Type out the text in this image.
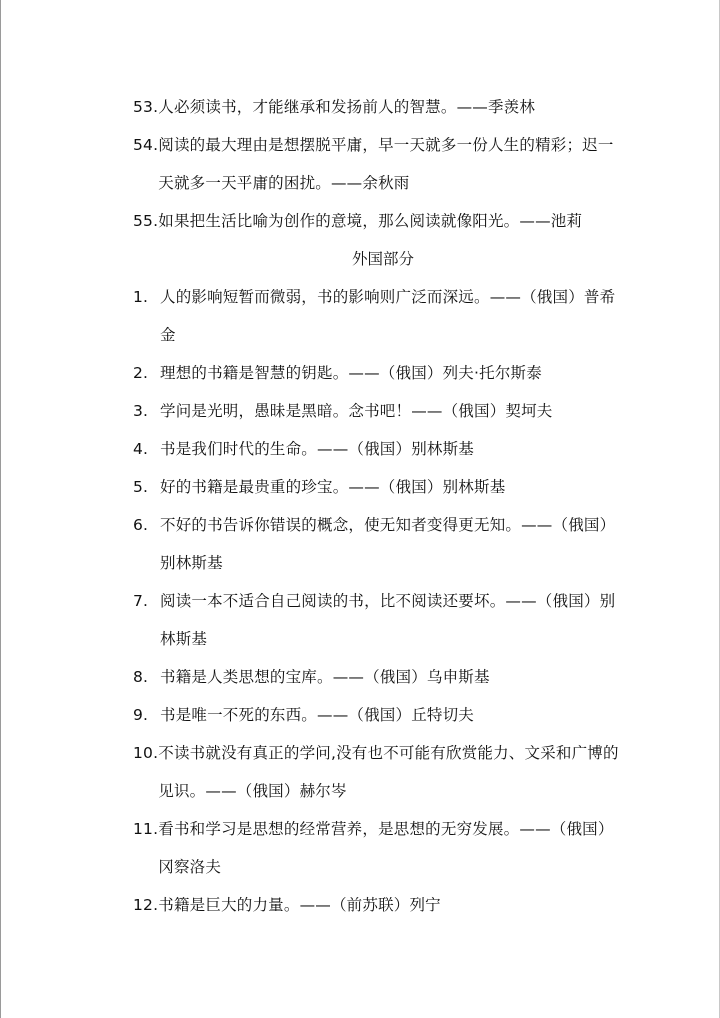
53. 人必须读书，才能继承和发扬前人的智慧。——季羡林
54. 阅读的最大理由是想摆脱平庸，早一天就多一份人生的精彩；迟一天就多一天平庸的困扰。——余秋雨
55. 如果把生活比喻为创作的意境，那么阅读就像阳光。——池莉
外国部分
1. 人的影响短暂而微弱，书的影响则广泛而深远。——（俄国）普希金
2. 理想的书籍是智慧的钥匙。——（俄国）列夫·托尔斯泰
3. 学问是光明，愚昧是黑暗。念书吧！——（俄国）契坷夫
4. 书是我们时代的生命。——（俄国）别林斯基
5. 好的书籍是最贵重的珍宝。——（俄国）别林斯基
6. 不好的书告诉你错误的概念，使无知者变得更无知。——（俄国）别林斯基
7. 阅读一本不适合自己阅读的书，比不阅读还要坏。——（俄国）别林斯基
8. 书籍是人类思想的宝库。——（俄国）乌申斯基
9. 书是唯一不死的东西。——（俄国）丘特切夫
10. 不读书就没有真正的学问,没有也不可能有欣赏能力、文采和广博的见识。——（俄国）赫尔岑
11. 看书和学习是思想的经常营养，是思想的无穷发展。——（俄国）冈察洛夫
12. 书籍是巨大的力量。——（前苏联）列宁
